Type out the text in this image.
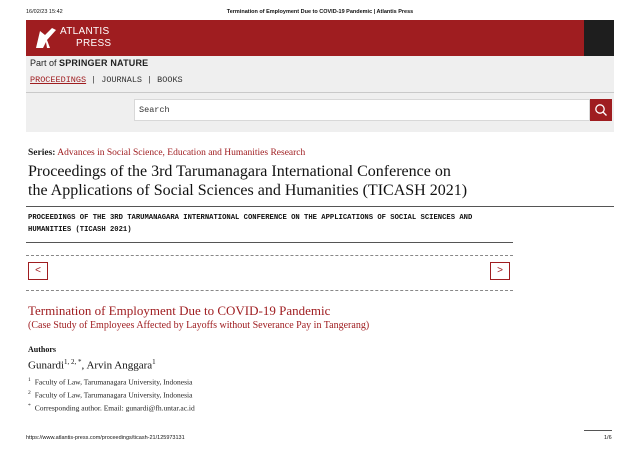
16/02/23 15:42	Termination of Employment Due to COVID-19 Pandemic | Atlantis Press
ATLANTIS
PRESS
Part of SPRINGER NATURE
PROCEEDINGS | JOURNALS | BOOKS
Search
Series: Advances in Social Science, Education and Humanities Research
Proceedings of the 3rd Tarumanagara International Conference on
the Applications of Social Sciences and Humanities (TICASH 2021)
PROCEEDINGS OF THE 3RD TARUMANAGARA INTERNATIONAL CONFERENCE ON THE APPLICATIONS OF SOCIAL SCIENCES AND
HUMANITIES (TICASH 2021)
<	>
Termination of Employment Due to COVID-19 Pandemic
(Case Study of Employees Affected by Layoffs without Severance Pay in Tangerang)
Authors
Gunardi$^{1, 2, *}$, Arvin Anggara$^1$
$^1$ Faculty of Law, Tarumanagara University, Indonesia
$^2$ Faculty of Law, Tarumanagara University, Indonesia
* Corresponding author. Email: gunardi@fh.untar.ac.id
https://www.atlantis-press.com/proceedings/ticash-21/125973131	1/6
